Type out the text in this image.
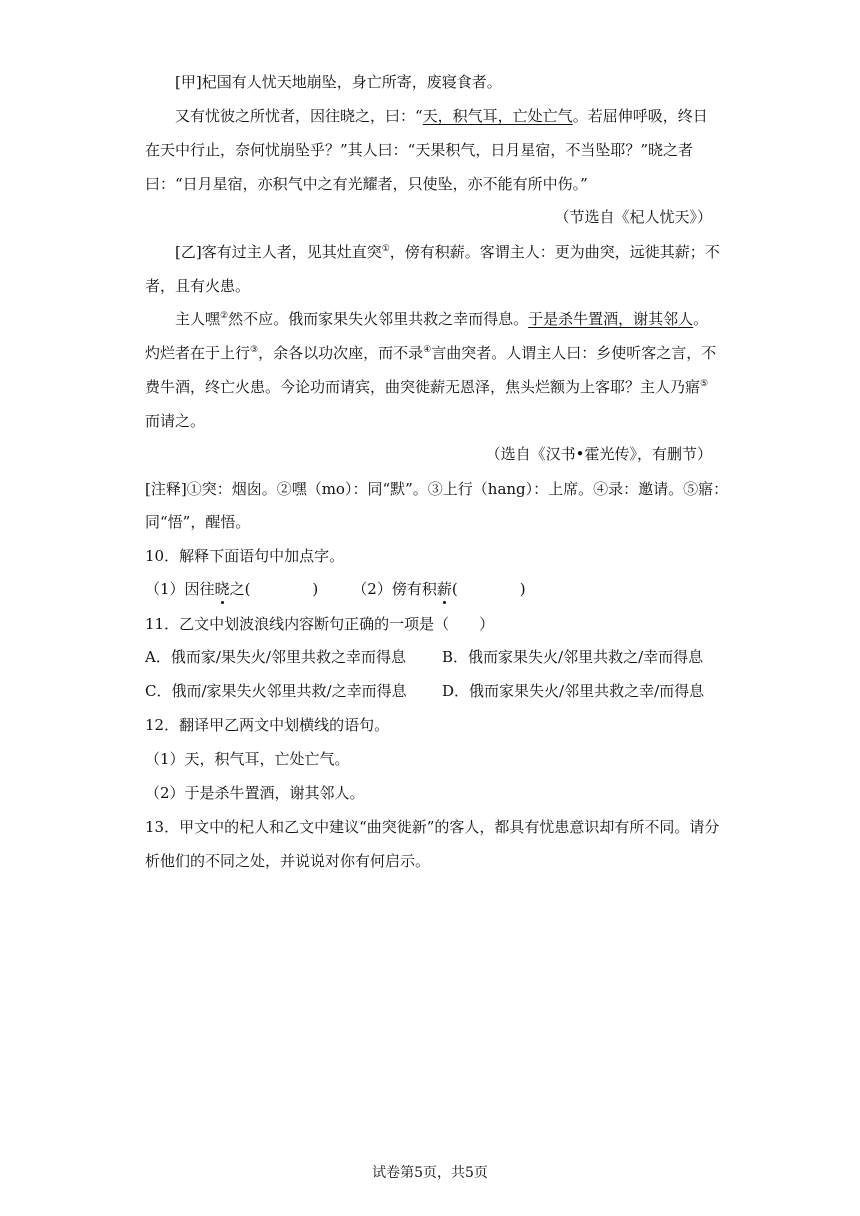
[甲]杞国有人忧天地崩坠，身亡所寄，废寝食者。
又有忧彼之所忧者，因往晓之，曰：“天，积气耳，亡处亡气。若屈伸呼吸，终日
在天中行止，奈何忧崩坠乎？”其人曰：“天果积气，日月星宿，不当坠耶？”晓之者
曰：“日月星宿，亦积气中之有光耀者，只使坠，亦不能有所中伤。”
（节选自《杞人忧天》）
[乙]客有过主人者，见其灶直突①，傍有积薪。客谓主人：更为曲突，远徙其薪；不
者，且有火患。
主人嘿②然不应。俄而家果失火邻里共救之幸而得息。于是杀牛置酒，谢其邻人。
灼烂者在于上行③，余各以功次座，而不录④言曲突者。人谓主人曰：乡使听客之言，不
费牛酒，终亡火患。今论功而请宾，曲突徙薪无恩泽，焦头烂额为上客耶？主人乃寤⑤
而请之。
（选自《汉书•霍光传》，有删节）
[注释]①突：烟囱。②嘿（mo）：同“默”。③上行（hang）：上席。④录：邀请。⑤寤：
同“悟”，醒悟。
10．解释下面语句中加点字。
（1）因往晓之(	) （2）傍有积薪(	)
11．乙文中划波浪线内容断句正确的一项是（　　）
A．俄而家/果失火/邻里共救之幸而得息 B．俄而家果失火/邻里共救之/幸而得息
C．俄而/家果失火邻里共救/之幸而得息 D．俄而家果失火/邻里共救之幸/而得息
12．翻译甲乙两文中划横线的语句。
（1）天，积气耳，亡处亡气。
（2）于是杀牛置酒，谢其邻人。
13．甲文中的杞人和乙文中建议“曲突徙新”的客人，都具有忧患意识却有所不同。请分
析他们的不同之处，并说说对你有何启示。
试卷第5页，共5页
